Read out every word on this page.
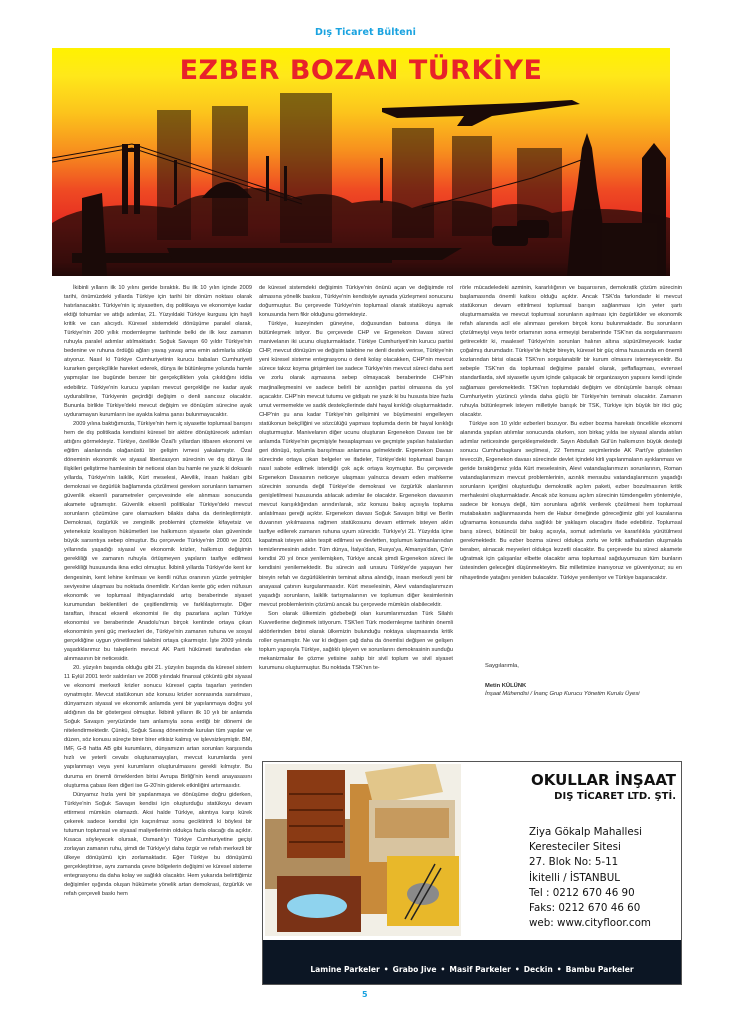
Dış Ticaret Bülteni
EZBER BOZAN TÜRKİYE

İkibinli yılların ilk 10 yılını geride bıraktık. Bu ilk 10 yılın içinde 2009 tarihi, önümüzdeki yıllarda Türkiye için tarihi bir dönüm noktası olarak hatırlanacaktır. Türkiye'nin iç siyasetten, dış politikaya ve ekonomiye kadar ektiği tohumlar ve attığı adımlar, 21. Yüzyıldaki Türkiye kurgusu için hayli kritik ve can alıcıydı. Küresel sistemdeki dönüşüme paralel olarak, Türkiye'nin 200 yıllık modernleşme tarihinde belki de ilk kez zamanın ruhuyla paralel adımlar atılmaktadır. Soğuk Savaşın 60 yıldır Türkiye'nin bedenine ve ruhuna ördüğü ağları yavaş yavaş ama emin adımlarla söküp atıyoruz. Nasıl ki Türkiye Cumhuriyetinin kurucu babaları Cumhuriyeti kurarken gerçekçilikle hareket ederek, dünya ile bütünleşme yolunda hamle yapmışlar ise bugünde benzer bir gerçekçilikten yola çıkıldığını iddia edebiliriz. Türkiye'nin kurucu yapıları mevcut gerçekliğe ne kadar ayak uydurabilirse, Türkiyenin geçirdiği değişim o denli sancısız olacaktır. Bununla birlikte Türkiye'deki mevcut değişim ve dönüşüm sürecine ayak uyduramayan kurumların ise ayakta kalma şansı bulunmayacaktır.

2009 yılına baktığımızda, Türkiye'nin hem iç siyasette toplumsal barışını hem de dış politikada kendisini küresel bir aktöre dönüştürecek adımları attığını görmekteyiz. Türkiye, özellikle Özal'lı yıllardan itibaren ekonomi ve eğitim alanlarında olağanüstü bir gelişim ivmesi yakalamıştır. Özal döneminin ekonomik ve siyasal liberizasyon sürecinin ve dış dünya ile ilişkileri geliştirme hamlesinin bir neticesi olan bu hamle ne yazık ki doksanlı yıllarda, Türkiye'nin laiklik, Kürt meselesi, Alevilik, insan hakları gibi demokrasi ve özgürlük bağlamında çözülmesi gereken sorunların tamamen güvenlik eksenli parametreler çerçevesinde ele alınması sonucunda akamete uğramıştır. Güvenlik eksenli politikalar Türkiye'deki mevcut sorunların çözümüne çare olamazken bilakis daha da derinleştirmiştir. Demokrasi, özgürlük ve zenginlik problemini çözmekte kifayetsiz ve yeteneksiz koalisyon hükümetleri ise halkımızın siyasete olan güveninde büyük sarsıntıya sebep olmuştur. Bu çerçevede Türkiye'nin 2000 ve 2001 yıllarında yaşadığı siyasal ve ekonomik krizler, halkımızı değişimin gerekliliği ve zamanın ruhuyla örtüşmeyen yapıların tasfiye edilmesi gerekliliği hususunda ikna edici olmuştur. İkibinli yıllarda Türkiye'de kent kır dengesinin, kent lehine kırılması ve kentli nüfus oranının yüzde yetmişler seviyesine ulaşması bu noktada önemlidir. Kır'dan kente göç eden nüfusun ekonomik ve toplumsal ihtiyaçlarındaki artış beraberinde siyaset kurumundan beklentileri de çeşitlendirmiş ve farklılaştırmıştır. Diğer taraftan, ihracat eksenli ekonomisi ile dış pazarlara açılan Türkiye ekonomisi ve beraberinde Anadolu'nun birçok kentinde ortaya çıkan ekonominin yeni güç merkezleri de, Türkiye'nin zamanın ruhuna ve sosyal gerçekliğine uygun yönetilmesi talebini ortaya çıkarmıştır. İşte 2009 yılında yaşadıklarımız bu taleplerin mevcut AK Parti hükümeti tarafından ele alınmasının bir neticesidir.

20. yüzyılın başında olduğu gibi 21. yüzyılın başında da küresel sistem 11 Eylül 2001 terör saldırıları ve 2008 yılındaki finansal çöküntü gibi siyasal ve ekonomi merkezli krizler sonucu küresel çapta taşarları yerinden oynatmıştır. Mevcut statükonun söz konusu krizler sonrasında sarsılması, dünyamızın siyasal ve ekonomik anlamda yeni bir yapılanmaya doğru yol aldığının da bir göstergesi olmuştur. İkibinli yılların ilk 10 yılı bir anlamda Soğuk Savaşın yeryüzünde tam anlamıyla sona erdiği bir dönemi de nitelendirmektedir. Çünkü, Soğuk Savaş döneminde kurulan tüm yapılar ve düzen, söz konusu süreçte birer birer etkisiz kalmış ve işlevsizleşmiştir. BM, IMF, G-8 hatta AB gibi kurumların, dünyamızın artan sorunları karşısında hızlı ve yeterli cevabı oluşturamayışları, mevcut kurumlarda yeni yapılanmayı veya yeni kurumların oluşturulmasını gerekli kılmıştır. Bu duruma en önemli örneklerden birisi Avrupa Birliği'nin kendi anayasasını oluşturma çabası iken diğeri ise G-20'nin giderek etkinliğini artırmasıdır.

Dünyamız hızla yeni bir yapılanmaya ve dönüşüme doğru giderken, Türkiye'nin Soğuk Savaşın kendisi için oluşturduğu statükoyu devam ettirmesi mümkün olamazdı. Aksi halde Türkiye, akıntıya karşı kürek çekerek sadece kendisi için kaçınılmaz sonu geciktirirdi ki böylesi bir tutumun toplumsal ve siyasal maliyetlerinin oldukça fazla olacağı da açıktır. Kısaca söyleyecek olursak, Osmanlı'yı Türkiye Cumhuriyetine geçişi zorlayan zamanın ruhu, şimdi de Türkiye'yi daha özgür ve refah merkezli bir ülkeye dönüşümü için zorlamaktadır. Eğer Türkiye bu dönüşümü gerçekleştirirse, aynı zamanda çevre bölgelerin değişimi ve küresel sisteme entegrasyonu da daha kolay ve sağlıklı olacaktır. Hem yukarıda belirttiğimiz değişimler ışığında oluşan hükümete yönelik artan demokrasi, özgürlük ve refah çerçeveli baskı hem

de küresel sistemdeki değişimin Türkiye'nin önünü açan ve değişimde rol almasına yönelik baskısı, Türkiye'nin kendisiyle aynada yüzleşmesi sonucunu doğurmuştur. Bu çerçevede Türkiye'nin toplumsal olarak statükoyu aşmak konusunda hem fikir olduğunu görmekteyiz.

Türkiye, kuzeyinden güneyine, doğusundan batısına dünya ile bütünleşmek istiyor. Bu çerçevede CHP ve Ergenekon Davası süreci manivelanın iki ucunu oluşturmaktadır. Türkiye Cumhuriyeti'nin kurucu partisi CHP, mevcut dönüşüm ve değişim talebine ne denli destek verirse, Türkiye'nin yeni küresel sisteme entegrasyonu o denli kolay olacakken, CHP'nin mevcut sürece takoz koyma girişimleri ise sadece Türkiye'nin mevcut süreci daha sert ve zorlu olarak aşmasına sebep olmayacak beraberinde CHP'nin marjinalleşmesini ve sadece belirli bir azınlığın partisi olmasına da yol açacaktır. CHP'nin mevcut tutumu ve gidişatı ne yazık ki bu hususta bize fazla umut vermemekte ve sadık destekçilerinde dahi hayal kırıklığı oluşturmaktadır. CHP'nin şu ana kadar Türkiye'nin gelişimini ve büyümesini engelleyen statükonun bekçiliğini ve sözcülüğü yapması toplumda derin bir hayal kırıklığı oluşturmuştur. Manivelanın diğer ucunu oluşturan Ergenekon Davası ise bir anlamda Türkiye'nin geçmişiyle hesaplaşması ve geçmişte yapılan hatalardan geri dönüşü, toplumla barışılması anlamına gelmektedir. Ergenekon Davası sürecinde ortaya çıkan belgeler ve ifadeler, Türkiye'deki toplumsal barışın nasıl sabote edilmek istendiği çok açık ortaya koymuştur. Bu çerçevede Ergenekon Davasının neticeye ulaşması yalnızca devam eden mahkeme sürecinin sonunda değil Türkiye'de demokrasi ve özgürlük alanlarının genişletilmesi hususunda atılacak adımlar ile olacaktır. Ergenekon davasının mevcut karışıklığından arındırılarak, söz konusu bakış açısıyla topluma anlatılması gereği açıktır. Ergenekon davası Soğuk Savaşın bitişi ve Berlin duvarının yıkılmasına rağmen statükosunu devam ettirmek isteyen aklın tasfiye edilerek zamanın ruhuna uyum sürecidir. Türkiye'yi 21. Yüzyılda içine kapatmak isteyen aklın tespit edilmesi ve devletten, toplumun katmanlarından temizlenmesinin adıdır. Tüm dünya, İtalya'dan, Rusya'ya, Almanya'dan, Çin'e kendisi 20 yıl önce yenilemişken, Türkiye ancak şimdi Ergenekon süreci ile kendisini yenilemektedir. Bu sürecin asli unsuru Türkiye'de yaşayan her bireyin refah ve özgürlüklerinin teminat altına alındığı, insan merkezli yeni bir anayasal çatının kurgulanmasıdır. Kürt meselesinin, Alevi vatandaşlarımızın yaşadığı sorunların, laiklik tartışmalarının ve toplumun diğer kesimlerinin mevcut problemlerinin çözümü ancak bu çerçevede mümkün olabilecektir.

Son olarak ülkemizin gözbebeği olan kurumlarımızdan Türk Silahlı Kuvvetlerine değinmek istiyorum. TSK'leri Türk modernleşme tarihinin önemli aktörlerinden birisi olarak ülkemizin bulunduğu noktaya ulaşmasında kritik roller oynamıştır. Ne var ki değişen çağ daha da önemlisi değişen ve gelişen toplum yapısıyla Türkiye, sağlıklı işleyen ve sorunlarını demokrasinin sunduğu mekanizmalar ile çözme yetisine sahip bir sivil toplum ve sivil siyaset kurumunu oluşturmuştur. Bu noktada TSK'nın te-

rörle mücadeledeki azminin, kararlılığının ve başarısının, demokratik çözüm sürecinin başlamasında önemli katkısı olduğu açıktır. Ancak TSK'da farkındadır ki mevcut statükonun devam ettirilmesi toplumsal barışın sağlanması için yeter şartı oluşturmamakta ve mevcut toplumsal sorunların aşılması için özgürlükler ve ekonomik refah alanında acil ele alınması gereken birçok konu bulunmaktadır. Bu sorunların çözülmeyişi veya terör ortamının sona ermeyişi beraberinde TSK'nın da sorgulanmasını getirecektir ki, maalesef Türkiye'nin sorunları halının altına süpürülmeyecek kadar çoğalmış durumdadır. Türkiye'de hiçbir bireyin, küresel bir güç olma hususunda en önemli kozlarından birisi olacak TSK'nın sorgulanabilir bir kurum olmasını istemeyecektir. Bu sebeple TSK'nın da toplumsal değişime paralel olarak, şeffaflaşması, evrensel standartlarda, sivil siyasetle uyum içinde çalışacak bir organizasyon yapısını kendi içinde sağlaması gerekmektedir. TSK'nın toplumdaki değişim ve dönüşümle barışık olması Cumhuriyetin yüzüncü yılında daha güçlü bir Türkiye'nin teminatı olacaktır. Zamanın ruhuyla bütünleşmek isteyen milletiyle barışık bir TSK, Türkiye için büyük bir itici güç olacaktır.

Türkiye son 10 yıldır ezberleri bozuyor. Bu ezber bozma harekatı öncelikle ekonomi alanında yapılan atılımlar sonucunda olurken, son birkaç yılda ise siyasal alanda atılan adımlar neticesinde gerçekleşmektedir. Sayın Abdullah Gül'ün halkımızın büyük desteği sonucu Cumhurbaşkanı seçilmesi, 22 Temmuz seçimlerinde AK Parti'ye gösterilen teveccüh, Ergenekon davası sürecinde devlet içindeki kirli yapılanmaların ayıklanması ve geride bıraktığımız yılda Kürt meselesinin, Alevi vatandaşlarımızın sorunlarının, Roman vatandaşlarımızın mevcut problemlerinin, azınlık mensubu vatandaşlarımızın yaşadığı sorunların içeriğini oluşturduğu demokratik açılım paketi, ezber bozulmasının kritik merhalesini oluşturmaktadır. Ancak söz konusu açılım sürecinin tümdengelim yöntemiyle, sadece bir konuya değil, tüm sorunlara ağırlık verilerek çözülmesi hem toplumsal mutabakatın sağlanmasında hem de Habur örneğinde göreceğimiz gibi yol kazalarına uğramama konusunda daha sağlıklı bir yaklaşım olacağını ifade edebiliriz. Toplumsal barış süreci, bütüncül bir bakış açısıyla, somut adımlarla ve kararlılıkla yürütülmesi gerekmektedir. Bu ezber bozma süreci oldukça zorlu ve kritik safhalardan oluşmakla beraber, alınacak meyveleri oldukça lezzetli olacaktır. Bu çerçevede bu süreci akamete uğratmak için çalışanlar elbette olacaktır ama toplumsal sağduyumuzun tüm bunların üstesinden geleceğini düşünmekteyim. Biz milletimize inanıyoruz ve güveniyoruz; su en nihayetinde yatağını yeniden bulacaktır. Türkiye yenileniyor ve Türkiye başaracaktır.

Saygılarımla,
Metin KÜLÜNK
İnşaat Mühendisi / İnanç Grup Kurucu Yönetim Kurulu Üyesi
OKULLAR İNŞAAT
DIŞ TİCARET LTD. ŞTİ.
Ziya Gökalp Mahallesi
Keresteciler Sitesi
27. Blok No: 5-11
İkitelli / İSTANBUL
Tel : 0212 670 46 90
Faks: 0212 670 46 60
web: www.cityfloor.com
Lamine Parkeler • Grabo Jive • Masif Parkeler • Deckin • Bambu Parkeler
5
